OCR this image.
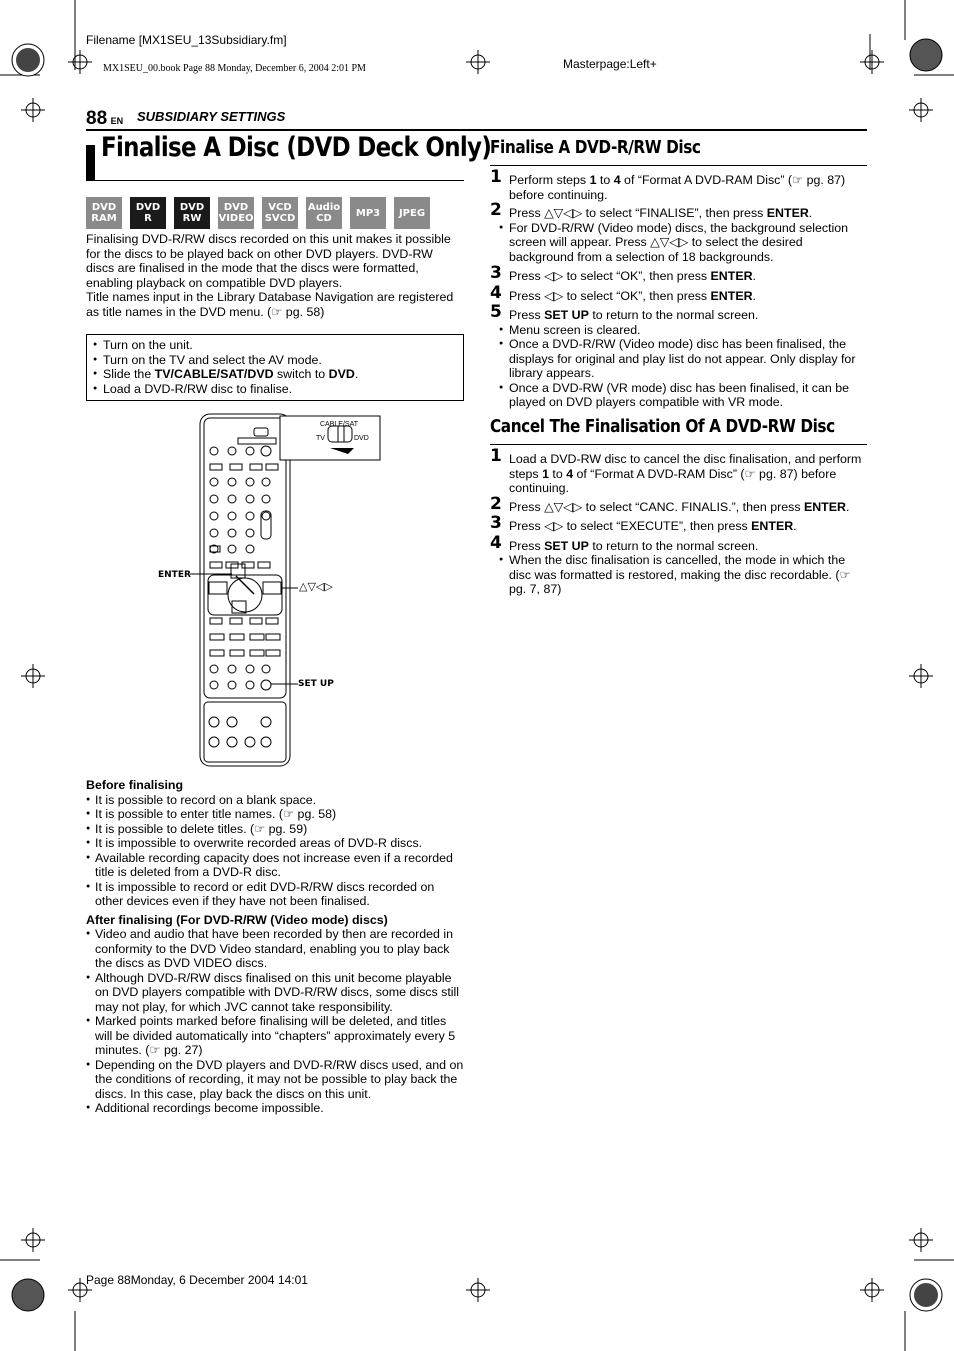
Filename [MX1SEU_13Subsidiary.fm]
MX1SEU_00.book Page 88 Monday, December 6, 2004 2:01 PM	Masterpage:Left+
88 EN SUBSIDIARY SETTINGS
Finalise A Disc (DVD Deck Only)
DVD
RAM
DVD
R
DVD
RW
DVD
VIDEO
VCD
SVCD
Audio
CD	MP3 JPEG

Finalising DVD-R/RW discs recorded on this unit makes it possible for the discs to be played back on other DVD players. DVD-RW discs are finalised in the mode that the discs were formatted, enabling playback on compatible DVD players.

Title names input in the Library Database Navigation are registered as title names in the DVD menu. (☞ pg. 58)

● Turn on the unit.
● Turn on the TV and select the AV mode.
● Slide the TV/CABLE/SAT/DVD switch to DVD.
● Load a DVD-R/RW disc to finalise.
CABLE/SAT
TV	DVD
ENTER
△▽◁▷
SET UP
Before finalising
● It is possible to record on a blank space.
● It is possible to enter title names. (☞ pg. 58)
● It is possible to delete titles. (☞ pg. 59)
● It is impossible to overwrite recorded areas of DVD-R discs.
● Available recording capacity does not increase even if a recorded title is deleted from a DVD-R disc.
● It is impossible to record or edit DVD-R/RW discs recorded on other devices even if they have not been finalised.
After finalising (For DVD-R/RW (Video mode) discs)
● Video and audio that have been recorded by then are recorded in conformity to the DVD Video standard, enabling you to play back the discs as DVD VIDEO discs.
● Although DVD-R/RW discs finalised on this unit become playable on DVD players compatible with DVD-R/RW discs, some discs still may not play, for which JVC cannot take responsibility.
● Marked points marked before finalising will be deleted, and titles will be divided automatically into “chapters” approximately every 5 minutes. (☞ pg. 27)
● Depending on the DVD players and DVD-R/RW discs used, and on the conditions of recording, it may not be possible to play back the discs. In this case, play back the discs on this unit.
● Additional recordings become impossible.
Finalise A DVD-R/RW Disc
1 Perform steps 1 to 4 of “Format A DVD-RAM Disc” (☞ pg. 87) before continuing.
2 Press △▽◁▷ to select “FINALISE”, then press ENTER.
● For DVD-R/RW (Video mode) discs, the background selection screen will appear. Press △▽◁▷ to select the desired background from a selection of 18 backgrounds.
3 Press ◁▷ to select “OK”, then press ENTER.
4 Press ◁▷ to select “OK”, then press ENTER.
5 Press SET UP to return to the normal screen.
● Menu screen is cleared.
● Once a DVD-R/RW (Video mode) disc has been finalised, the displays for original and play list do not appear. Only display for library appears.
● Once a DVD-RW (VR mode) disc has been finalised, it can be played on DVD players compatible with VR mode.
Cancel The Finalisation Of A DVD-RW Disc
1 Load a DVD-RW disc to cancel the disc finalisation, and perform steps 1 to 4 of “Format A DVD-RAM Disc” (☞ pg. 87) before continuing.
2 Press △▽◁▷ to select “CANC. FINALIS.”, then press ENTER.
3 Press ◁▷ to select “EXECUTE”, then press ENTER.
4 Press SET UP to return to the normal screen.
● When the disc finalisation is cancelled, the mode in which the disc was formatted is restored, making the disc recordable. (☞ pg. 7, 87)
Page 88Monday, 6 December 2004 14:01
